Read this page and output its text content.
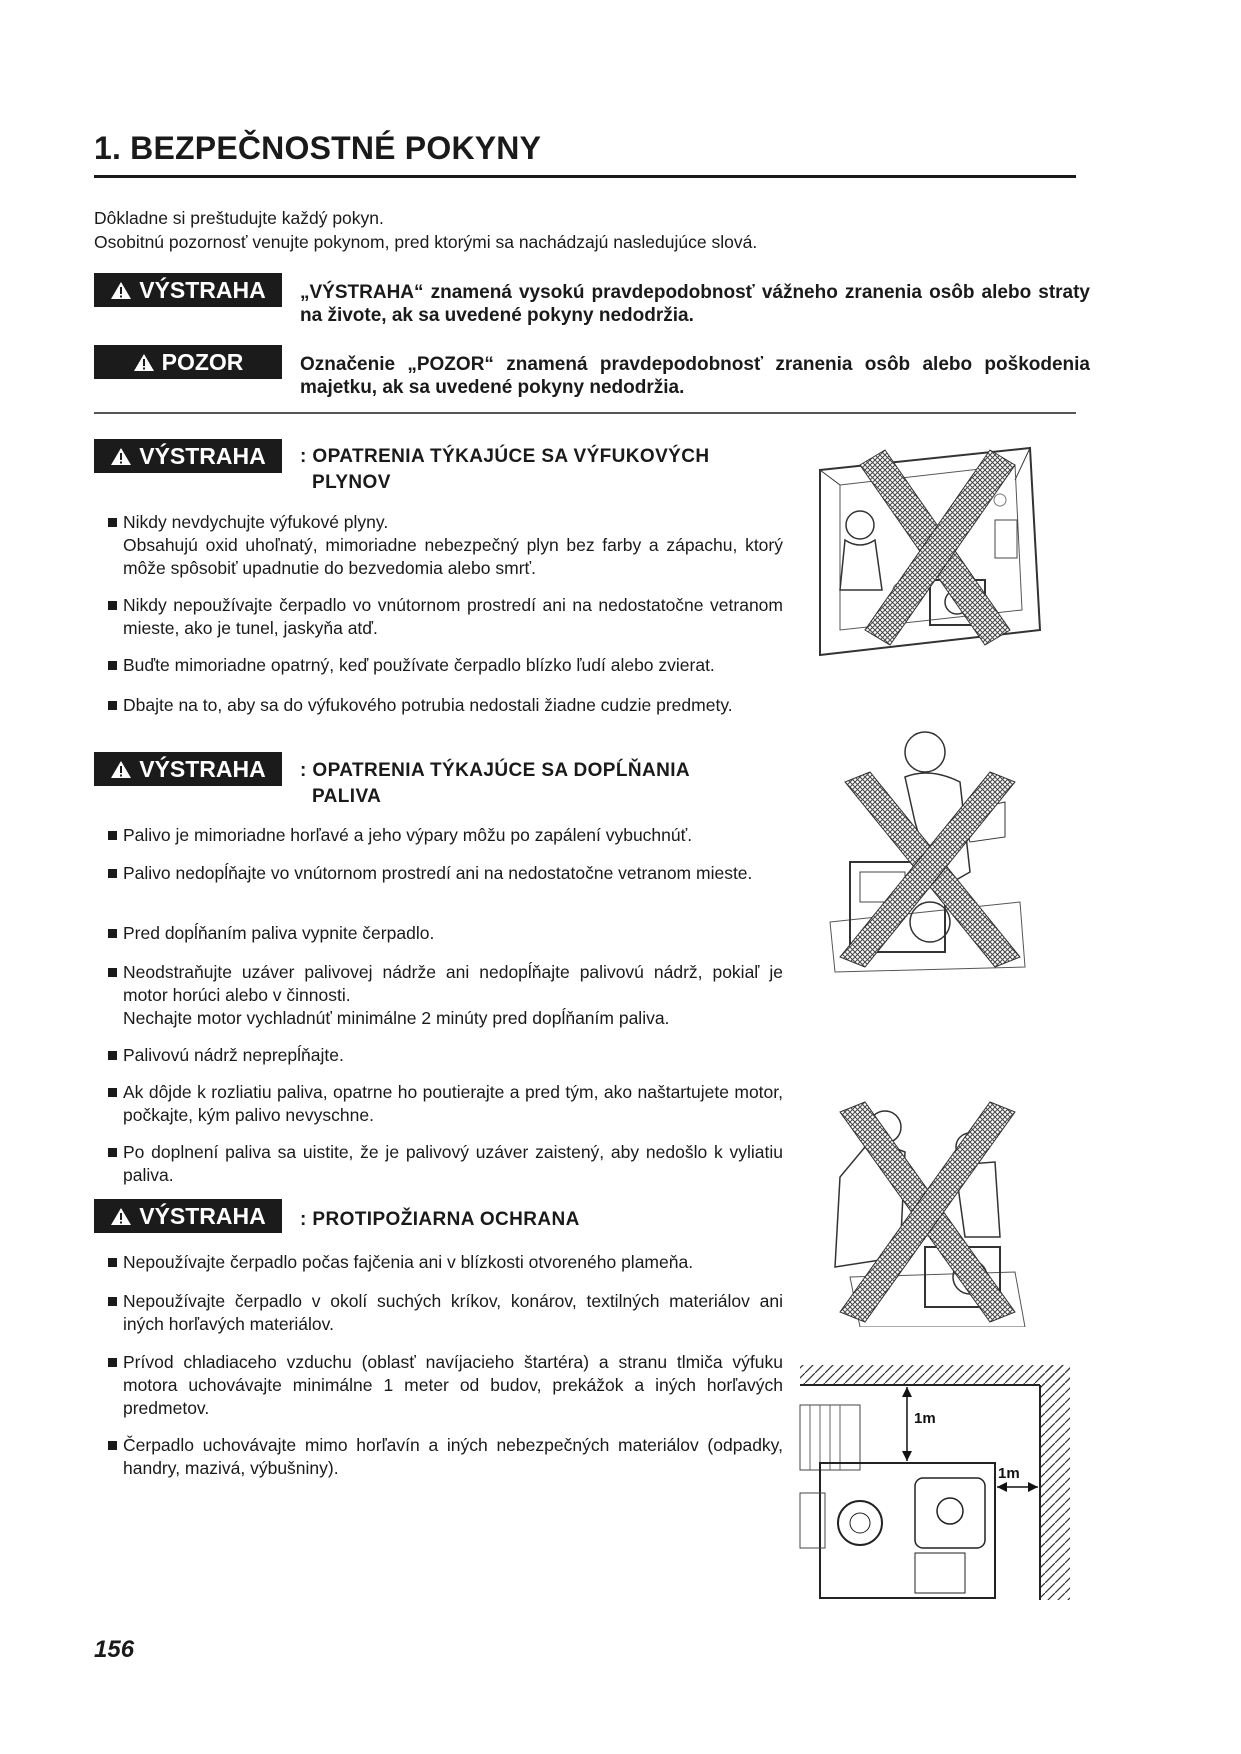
1. BEZPEČNOSTNÉ POKYNY
Dôkladne si preštudujte každý pokyn.
Osobitnú pozornosť venujte pokynom, pred ktorými sa nachádzajú nasledujúce slová.
VÝSTRAHA „VÝSTRAHA“ znamená vysokú pravdepodobnosť vážneho zranenia osôb alebo straty na živote, ak sa uvedené pokyny nedodržia.
POZOR	Označenie „POZOR“ znamená pravdepodobnosť zranenia osôb alebo poškodenia majetku, ak sa uvedené pokyny nedodržia.
VÝSTRAHA : OPATRENIA TÝKAJÚCE SA VÝFUKOVÝCH
PLYNOV

Nikdy nevdychujte výfukové plyny.

Obsahujú oxid uhoľnatý, mimoriadne nebezpečný plyn bez farby a zápachu, ktorý môže spôsobiť upadnutie do bezvedomia alebo smrť.

Nikdy nepoužívajte čerpadlo vo vnútornom prostredí ani na nedostatočne vetranom mieste, ako je tunel, jaskyňa atď.

Buďte mimoriadne opatrný, keď používate čerpadlo blízko ľudí alebo zvierat.

Dbajte na to, aby sa do výfukového potrubia nedostali žiadne cudzie predmety.

VÝSTRAHA : OPATRENIA TÝKAJÚCE SA DOPĹŇANIA
PALIVA

Palivo je mimoriadne horľavé a jeho výpary môžu po zapálení vybuchnúť.

Palivo nedopĺňajte vo vnútornom prostredí ani na nedostatočne vetranom mieste.

Pred dopĺňaním paliva vypnite čerpadlo.

Neodstraňujte uzáver palivovej nádrže ani nedopĺňajte palivovú nádrž, pokiaľ je motor horúci alebo v činnosti.

Nechajte motor vychladnúť minimálne 2 minúty pred dopĺňaním paliva.

Palivovú nádrž neprepĺňajte.

Ak dôjde k rozliatiu paliva, opatrne ho poutierajte a pred tým, ako naštartujete motor, počkajte, kým palivo nevyschne.

Po doplnení paliva sa uistite, že je palivový uzáver zaistený, aby nedošlo k vyliatiu paliva.

VÝSTRAHA : PROTIPOŽIARNA OCHRANA

Nepoužívajte čerpadlo počas fajčenia ani v blízkosti otvoreného plameňa.

Nepoužívajte čerpadlo v okolí suchých kríkov, konárov, textilných materiálov ani iných horľavých materiálov.

Prívod chladiaceho vzduchu (oblasť navíjacieho štartéra) a stranu tlmiča výfuku motora uchovávajte minimálne 1 meter od budov, prekážok a iných horľavých predmetov.

Čerpadlo uchovávajte mimo horľavín a iných nebezpečných materiálov (odpadky, handry, mazivá, výbušniny).

1m
1m
156
